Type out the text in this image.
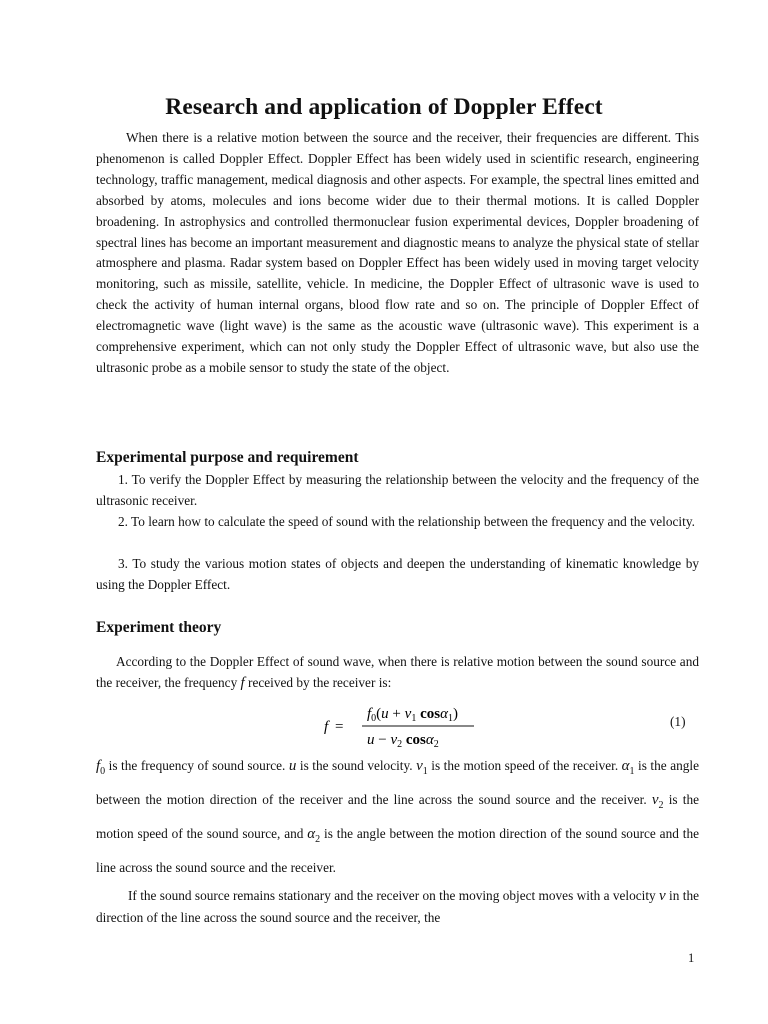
Research and application of Doppler Effect

When there is a relative motion between the source and the receiver, their frequencies are different. This phenomenon is called Doppler Effect. Doppler Effect has been widely used in scientific research, engineering technology, traffic management, medical diagnosis and other aspects. For example, the spectral lines emitted and absorbed by atoms, molecules and ions become wider due to their thermal motions. It is called Doppler broadening. In astrophysics and controlled thermonuclear fusion experimental devices, Doppler broadening of spectral lines has become an important measurement and diagnostic means to analyze the physical state of stellar atmosphere and plasma. Radar system based on Doppler Effect has been widely used in moving target velocity monitoring, such as missile, satellite, vehicle. In medicine, the Doppler Effect of ultrasonic wave is used to check the activity of human internal organs, blood flow rate and so on. The principle of Doppler Effect of electromagnetic wave (light wave) is the same as the acoustic wave (ultrasonic wave). This experiment is a comprehensive experiment, which can not only study the Doppler Effect of ultrasonic wave, but also use the ultrasonic probe as a mobile sensor to study the state of the object.

Experimental purpose and requirement

1. To verify the Doppler Effect by measuring the relationship between the velocity and the frequency of the ultrasonic receiver.

2. To learn how to calculate the speed of sound with the relationship between the frequency and the velocity.

3. To study the various motion states of objects and deepen the understanding of kinematic knowledge by using the Doppler Effect.

Experiment theory

According to the Doppler Effect of sound wave, when there is relative motion between the sound source and the receiver, the frequency f received by the receiver is:

f =
$f_0(u + v_1$ cosα$_1$)
$u - v_2$ cosα$_2$
(1)

$f_0$ is the frequency of sound source. u is the sound velocity. $v_1$ is the motion speed of the receiver. $\alpha_1$ is the angle between the motion direction of the receiver and the line across the sound source and the receiver. $v_2$ is the motion speed of the sound source, and $\alpha_2$ is the angle between the motion direction of the sound source and the line across the sound source and the receiver.

If the sound source remains stationary and the receiver on the moving object moves with a velocity v in the direction of the line across the sound source and the receiver, the

1
